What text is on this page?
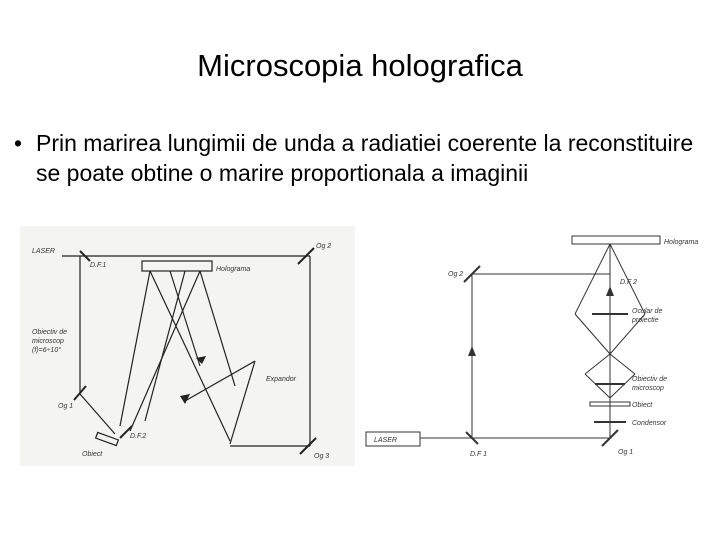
Microscopia holografica
• Prin marirea lungimii de unda a radiatiei coerente la reconstituire se poate obtine o marire proportionala a imaginii
LASER
D.F.1
Holograma
Og 2
Og 1
Og 3
D.F.2
Obiectiv de
microscop
(f)=6÷10°
Expandor
Obiect
Holograma
Og 2
D.F 2
Ocular de
proiectie
Obiectiv de
microscop
Obiect
Condensor
LASER
D.F 1	Og 1
